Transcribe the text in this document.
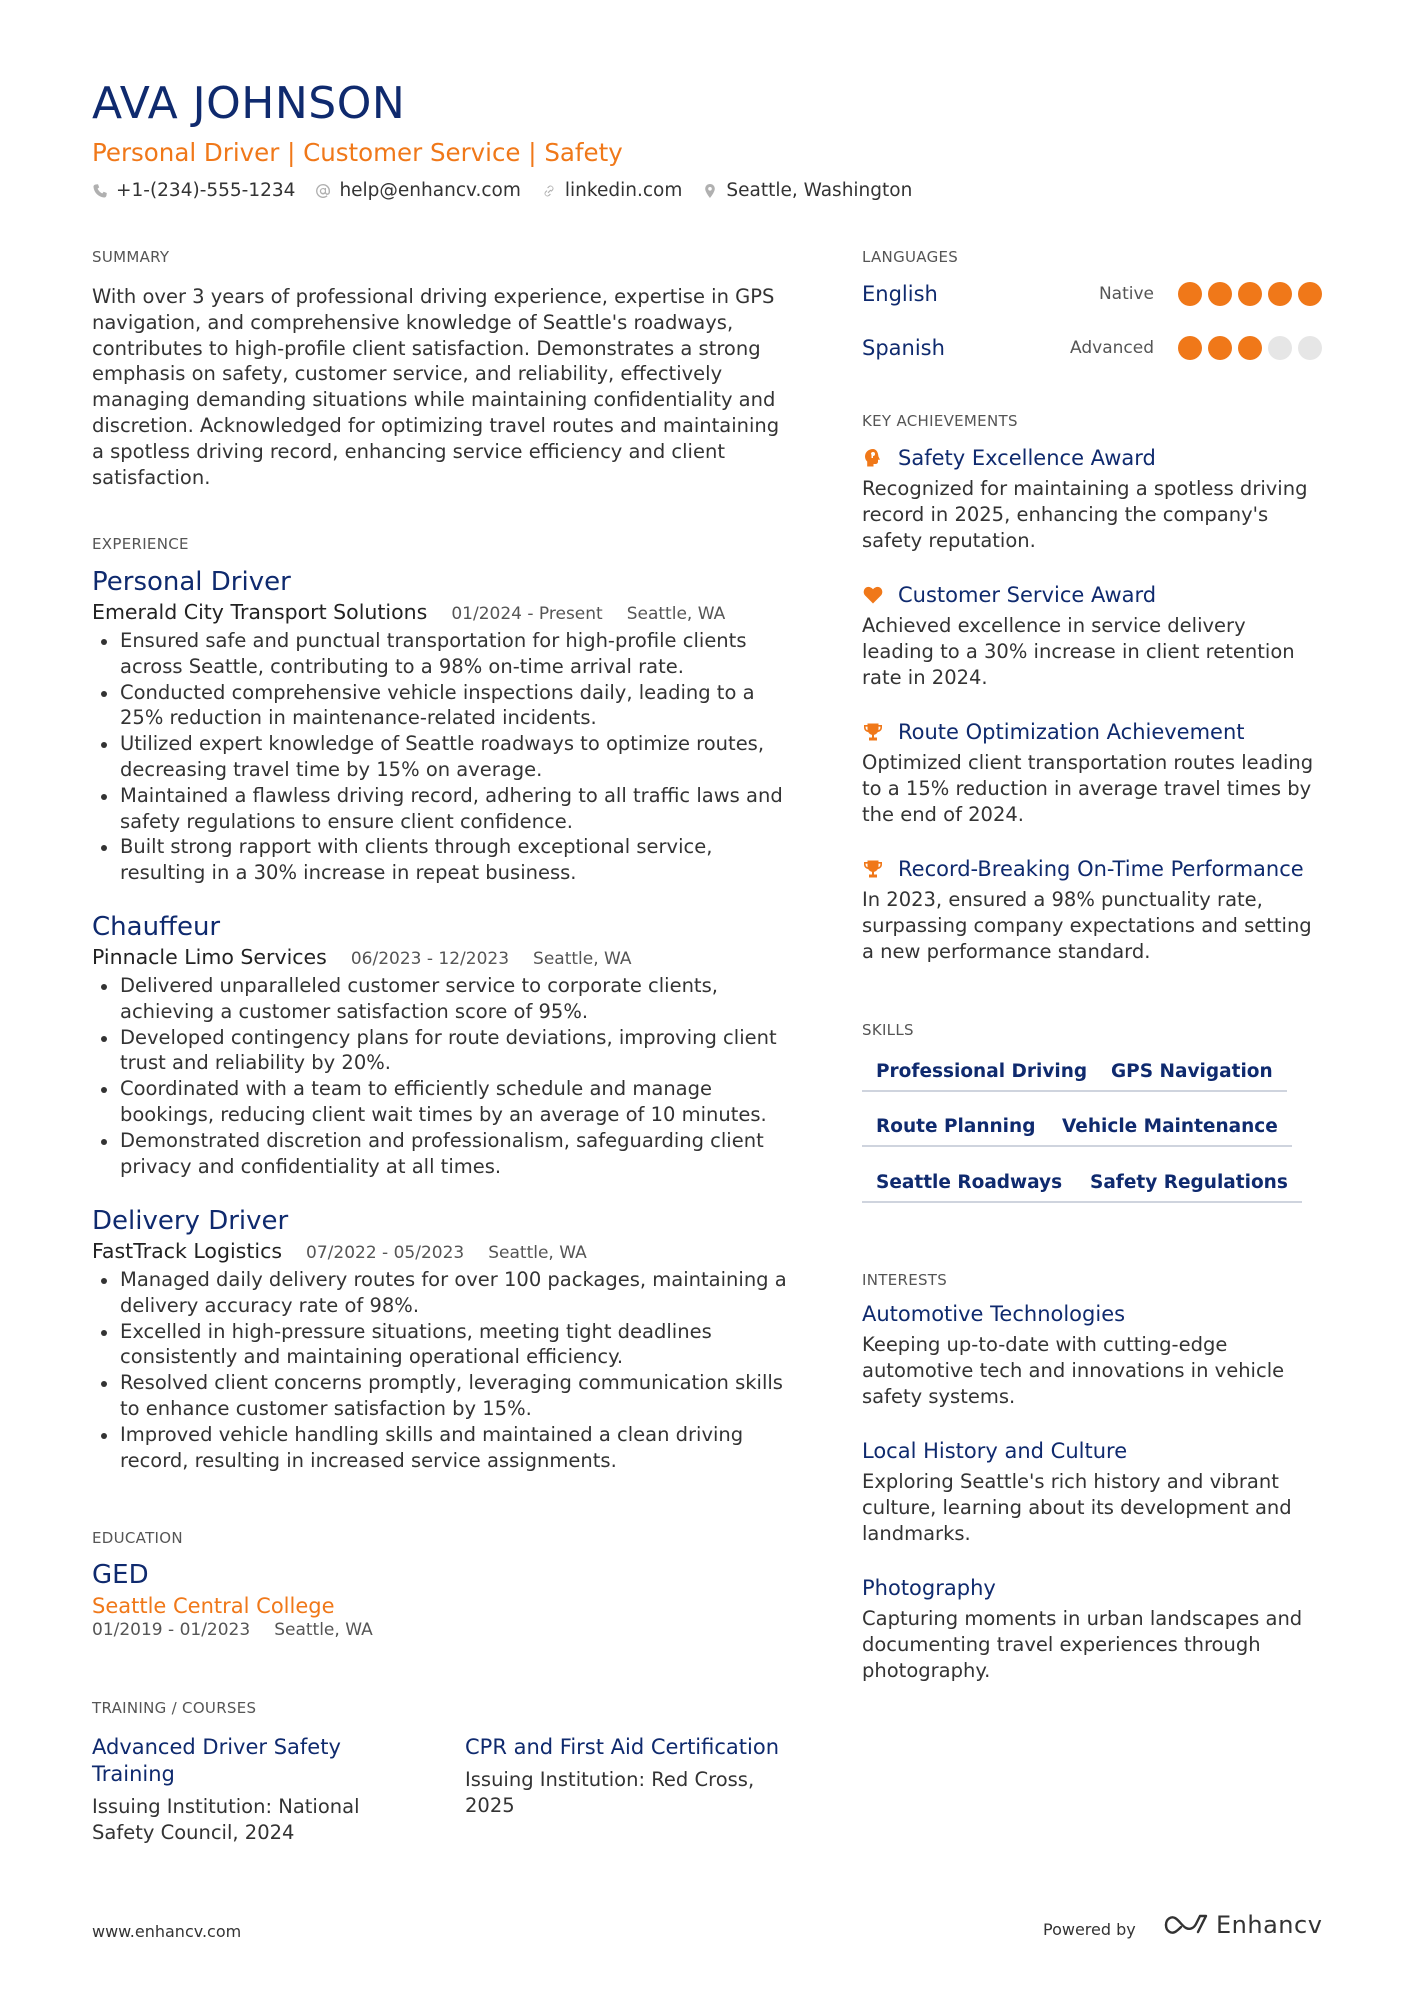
AVA JOHNSON
Personal Driver | Customer Service | Safety
+1-(234)-555-1234 help@enhancv.com linkedin.com Seattle, Washington
SUMMARY
With over 3 years of professional driving experience, expertise in GPS navigation, and comprehensive knowledge of Seattle's roadways, contributes to high-profile client satisfaction. Demonstrates a strong emphasis on safety, customer service, and reliability, effectively managing demanding situations while maintaining confidentiality and discretion. Acknowledged for optimizing travel routes and maintaining a spotless driving record, enhancing service efficiency and client satisfaction.
EXPERIENCE
Personal Driver
Emerald City Transport Solutions 01/2024 - Present Seattle, WA
Ensured safe and punctual transportation for high-profile clients across Seattle, contributing to a 98% on-time arrival rate.
Conducted comprehensive vehicle inspections daily, leading to a 25% reduction in maintenance-related incidents.
Utilized expert knowledge of Seattle roadways to optimize routes, decreasing travel time by 15% on average.
Maintained a flawless driving record, adhering to all traffic laws and safety regulations to ensure client confidence.
Built strong rapport with clients through exceptional service, resulting in a 30% increase in repeat business.
Chauffeur
Pinnacle Limo Services 06/2023 - 12/2023 Seattle, WA
Delivered unparalleled customer service to corporate clients, achieving a customer satisfaction score of 95%.
Developed contingency plans for route deviations, improving client trust and reliability by 20%.
Coordinated with a team to efficiently schedule and manage bookings, reducing client wait times by an average of 10 minutes.
Demonstrated discretion and professionalism, safeguarding client privacy and confidentiality at all times.
Delivery Driver
FastTrack Logistics 07/2022 - 05/2023 Seattle, WA
Managed daily delivery routes for over 100 packages, maintaining a delivery accuracy rate of 98%.
Excelled in high-pressure situations, meeting tight deadlines consistently and maintaining operational efficiency.
Resolved client concerns promptly, leveraging communication skills to enhance customer satisfaction by 15%.
Improved vehicle handling skills and maintained a clean driving record, resulting in increased service assignments.
EDUCATION
GED
Seattle Central College
01/2019 - 01/2023 Seattle, WA
TRAINING / COURSES
Advanced Driver Safety Training
Issuing Institution: National Safety Council, 2024
CPR and First Aid Certification
Issuing Institution: Red Cross, 2025
LANGUAGES
English	Native
Spanish	Advanced
KEY ACHIEVEMENTS
Safety Excellence Award
Recognized for maintaining a spotless driving record in 2025, enhancing the company's safety reputation.
Customer Service Award
Achieved excellence in service delivery leading to a 30% increase in client retention rate in 2024.
Route Optimization Achievement
Optimized client transportation routes leading to a 15% reduction in average travel times by the end of 2024.
Record-Breaking On-Time Performance
In 2023, ensured a 98% punctuality rate, surpassing company expectations and setting a new performance standard.
SKILLS
Professional Driving	GPS Navigation
Route Planning	Vehicle Maintenance
Seattle Roadways	Safety Regulations
INTERESTS
Automotive Technologies
Keeping up-to-date with cutting-edge automotive tech and innovations in vehicle safety systems.
Local History and Culture
Exploring Seattle's rich history and vibrant culture, learning about its development and landmarks.
Photography
Capturing moments in urban landscapes and documenting travel experiences through photography.
www.enhancv.com	Powered by	Enhancv
